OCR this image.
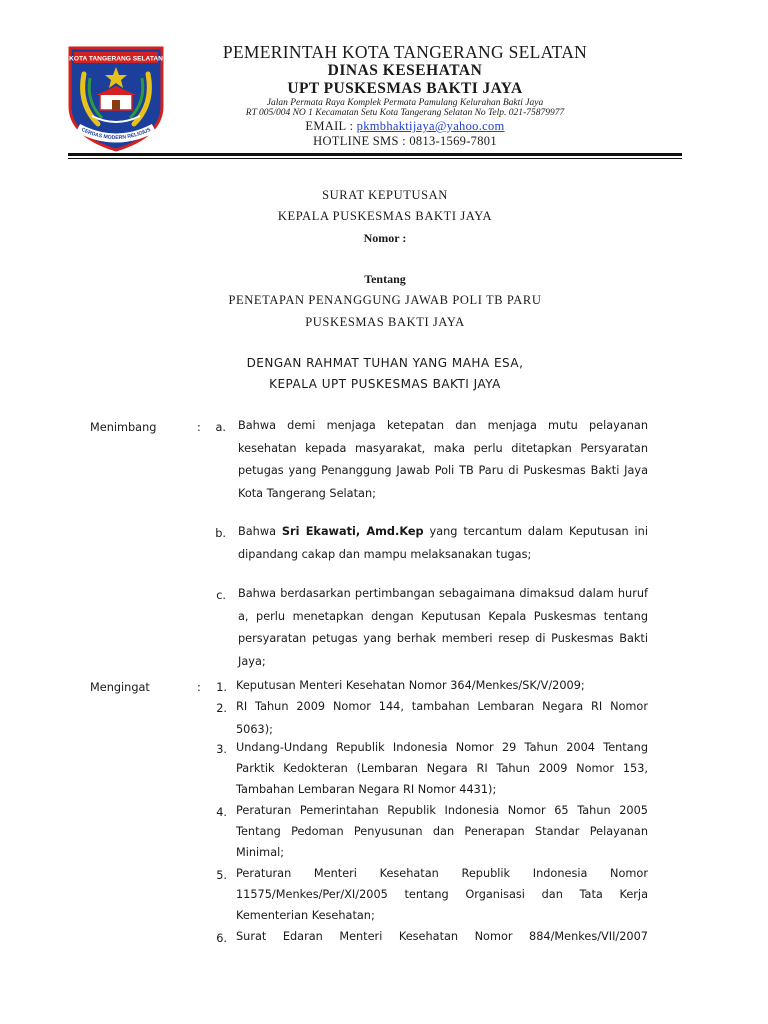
KOTA TANGERANG SELATAN
CERDAS MODERN RELIGIUS
PEMERINTAH KOTA TANGERANG SELATAN
DINAS KESEHATAN
UPT PUSKESMAS BAKTI JAYA
Jalan Permata Raya Komplek Permata Pamulang Kelurahan Bakti Jaya
RT 005/004 NO 1 Kecamatan Setu Kota Tangerang Selatan No Telp. 021-75879977
EMAIL : pkmbhaktijaya@yahoo.com
HOTLINE SMS : 0813-1569-7801
SURAT KEPUTUSAN
KEPALA PUSKESMAS BAKTI JAYA
Nomor :
Tentang
PENETAPAN PENANGGUNG JAWAB POLI TB PARU
PUSKESMAS BAKTI JAYA
DENGAN RAHMAT TUHAN YANG MAHA ESA,
KEPALA UPT PUSKESMAS BAKTI JAYA
Menimbang	:	a. Bahwa demi menjaga ketepatan dan menjaga mutu pelayanan kesehatan kepada masyarakat, maka perlu ditetapkan Persyaratan petugas yang Penanggung Jawab Poli TB Paru di Puskesmas Bakti Jaya Kota Tangerang Selatan;
b. Bahwa Sri Ekawati, Amd.Kep yang tercantum dalam Keputusan ini dipandang cakap dan mampu melaksanakan tugas;
c. Bahwa berdasarkan pertimbangan sebagaimana dimaksud dalam huruf a, perlu menetapkan dengan Keputusan Kepala Puskesmas tentang persyaratan petugas yang berhak memberi resep di Puskesmas Bakti Jaya;
Mengingat	:	1. Keputusan Menteri Kesehatan Nomor 364/Menkes/SK/V/2009;
2. RI Tahun 2009 Nomor 144, tambahan Lembaran Negara RI Nomor 5063);
3. Undang-Undang Republik Indonesia Nomor 29 Tahun 2004 Tentang Parktik Kedokteran (Lembaran Negara RI Tahun 2009 Nomor 153, Tambahan Lembaran Negara RI Nomor 4431);
4. Peraturan Pemerintahan Republik Indonesia Nomor 65 Tahun 2005 Tentang Pedoman Penyusunan dan Penerapan Standar Pelayanan Minimal;
5. Peraturan Menteri Kesehatan Republik Indonesia Nomor 11575/Menkes/Per/XI/2005 tentang Organisasi dan Tata Kerja Kementerian Kesehatan;
6. Surat Edaran Menteri Kesehatan Nomor 884/Menkes/VII/2007
